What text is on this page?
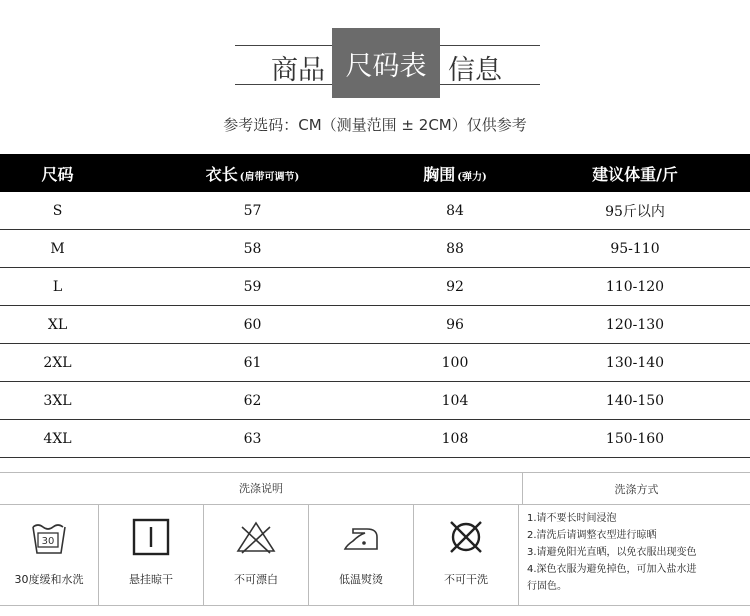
商品 尺码表 信息
参考选码：CM（测量范围 ± 2CM）仅供参考
尺码	衣长 (肩带可调节)	胸围 (弹力)	建议体重/斤
S	57	84	95斤以内
M	58	88	95-110
L	59	92	110-120
XL	60	96	120-130
2XL	61	100	130-140
3XL	62	104	140-150
4XL	63	108	150-160
洗涤说明	洗涤方式
30
30度缓和水洗	悬挂晾干	不可漂白	低温熨烫	不可干洗
1.请不要长时间浸泡
2.清洗后请调整衣型进行晾晒
3.请避免阳光直晒，以免衣服出现变色
4.深色衣服为避免掉色，可加入盐水进
行固色。
